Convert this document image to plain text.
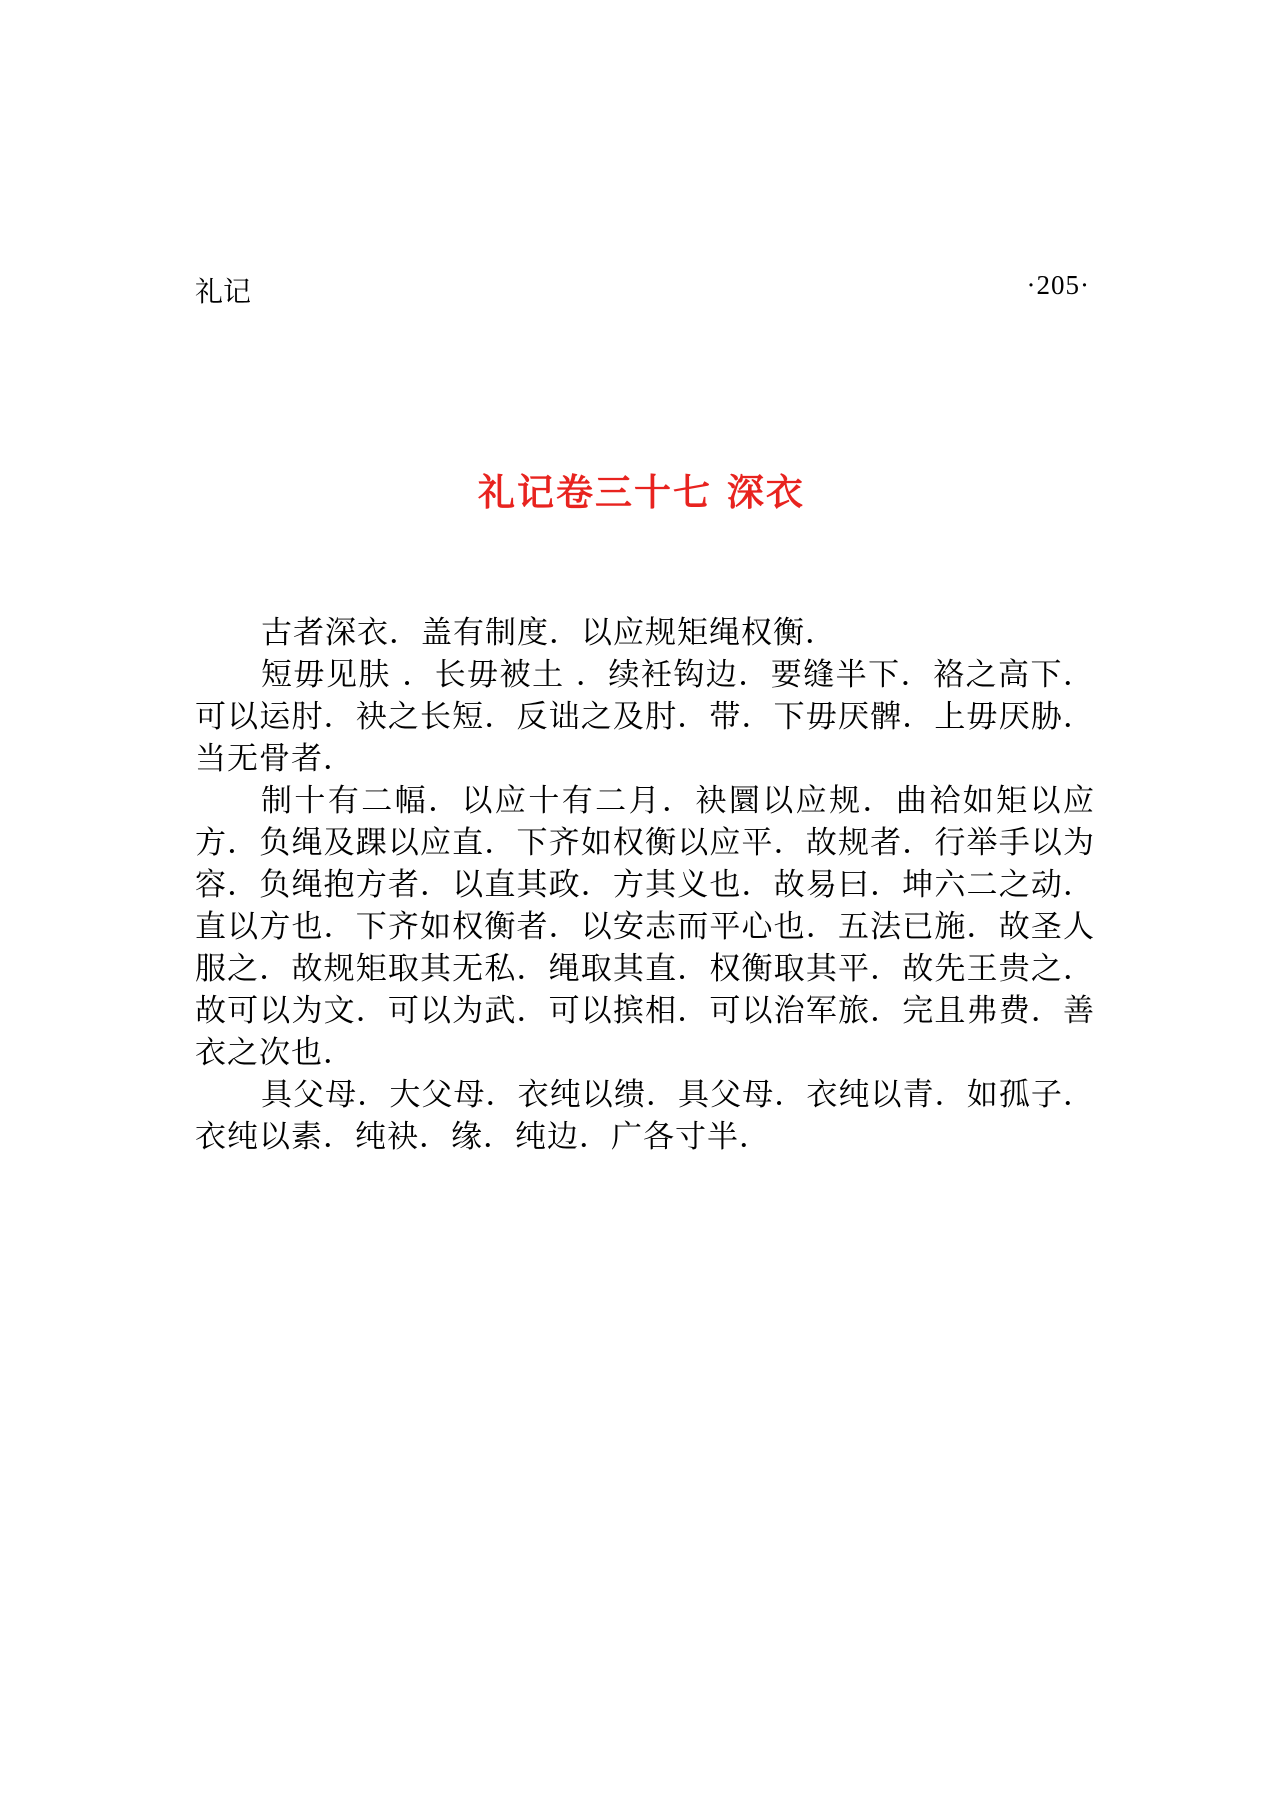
礼记	·205·
礼记卷三十七 深衣

古者深衣．盖有制度．以应规矩绳权衡．

短毋见肤 ．长毋被土 ．续衽钩边．要缝半下．袼之高下．可以运肘．袂之长短．反诎之及肘．带．下毋厌髀．上毋厌胁．当无骨者．

制十有二幅．以应十有二月．袂圜以应规．曲袷如矩以应方．负绳及踝以应直．下齐如权衡以应平．故规者．行举手以为容．负绳抱方者．以直其政．方其义也．故易曰．坤六二之动．直以方也．下齐如权衡者．以安志而平心也．五法已施．故圣人服之．故规矩取其无私．绳取其直．权衡取其平．故先王贵之．故可以为文．可以为武．可以摈相．可以治军旅．完且弗费．善衣之次也．

具父母．大父母．衣纯以缋．具父母．衣纯以青．如孤子．衣纯以素．纯袂．缘．纯边．广各寸半．
